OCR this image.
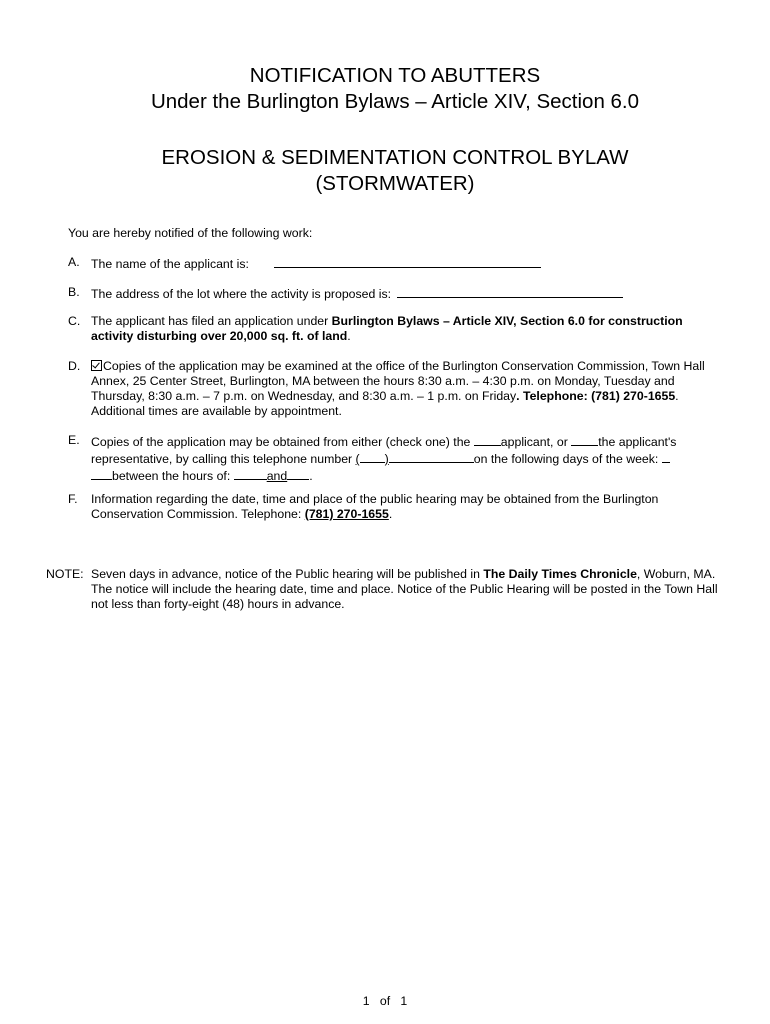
NOTIFICATION TO ABUTTERS
Under the Burlington Bylaws – Article XIV, Section 6.0
EROSION & SEDIMENTATION CONTROL BYLAW
(STORMWATER)
You are hereby notified of the following work:
A. The name of the applicant is:
B. The address of the lot where the activity is proposed is:
C. The applicant has filed an application under Burlington Bylaws – Article XIV, Section 6.0 for construction activity disturbing over 20,000 sq. ft. of land.
D.	Copies of the application may be examined at the office of the Burlington Conservation Commission, Town Hall Annex, 25 Center Street, Burlington, MA between the hours 8:30 a.m. – 4:30 p.m. on Monday, Tuesday and Thursday, 8:30 a.m. – 7 p.m. on Wednesday, and 8:30 a.m. – 1 p.m. on Friday. Telephone: (781) 270-1655. Additional times are available by appointment.
E. Copies of the application may be obtained from either (check one) the applicant, or the applicant's representative, by calling this telephone number ( )	on the following days of the week:
between the hours of:	and .
F.	Information regarding the date, time and place of the public hearing may be obtained from the Burlington Conservation Commission. Telephone: (781) 270-1655.
NOTE: Seven days in advance, notice of the Public hearing will be published in The Daily Times Chronicle, Woburn, MA. The notice will include the hearing date, time and place. Notice of the Public Hearing will be posted in the Town Hall not less than forty-eight (48) hours in advance.
1 of 1
